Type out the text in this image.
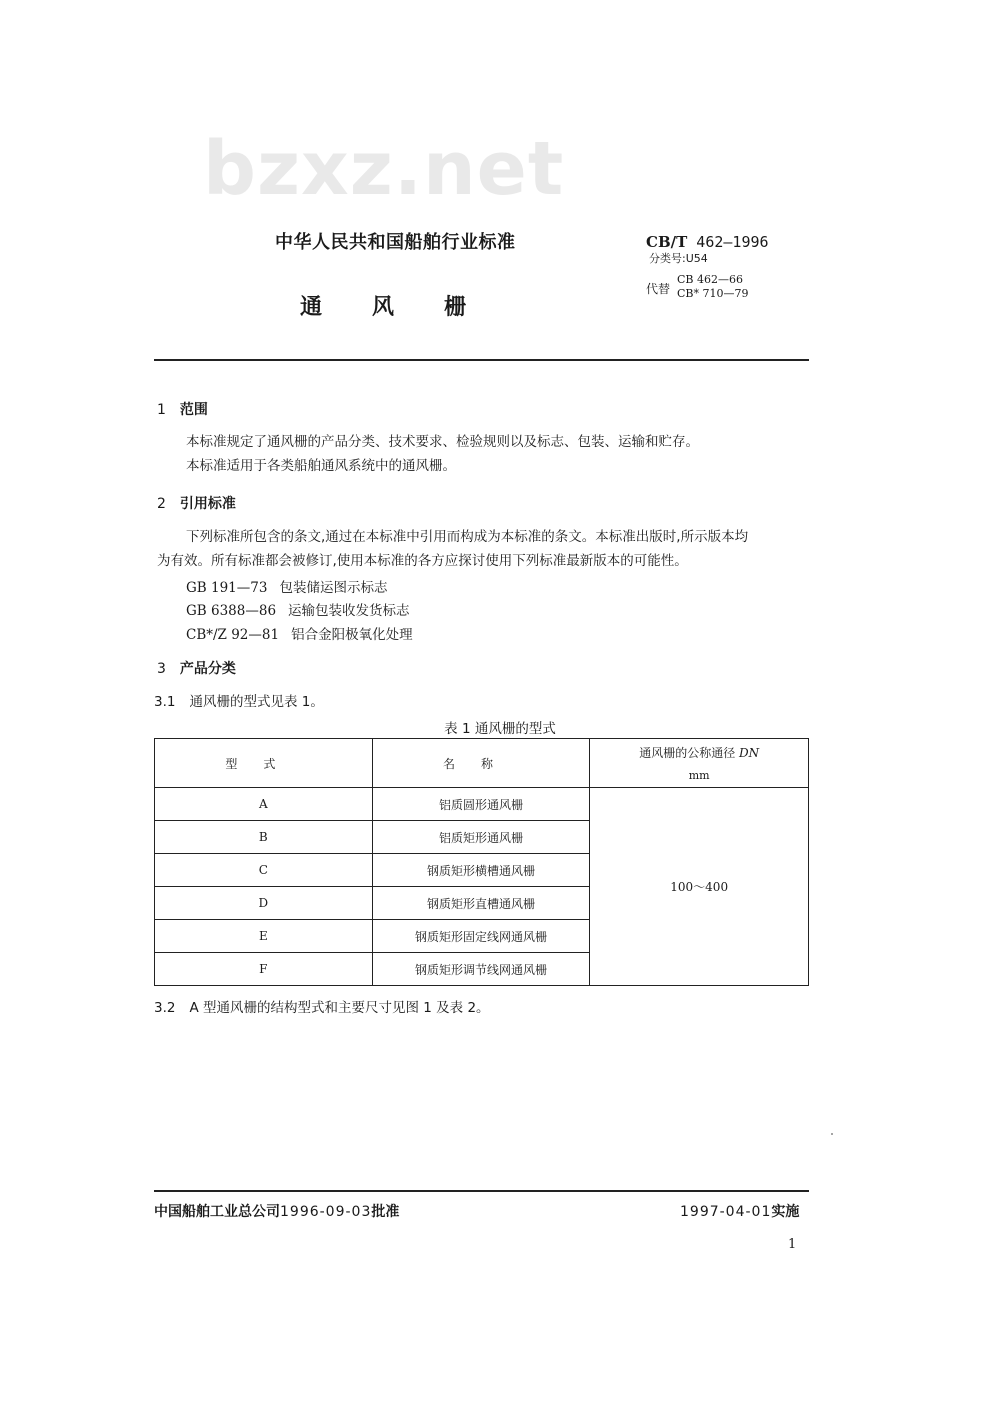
bzxz.net
中华人民共和国船舶行业标准
通 风 栅
CB/T 462—1996
分类号:U54
代替
CB 462—66
CB* 710—79
1 范围
本标准规定了通风栅的产品分类、技术要求、检验规则以及标志、包装、运输和贮存。
本标准适用于各类船舶通风系统中的通风栅。
2 引用标准
下列标准所包含的条文,通过在本标准中引用而构成为本标准的条文。本标准出版时,所示版本均
为有效。所有标准都会被修订,使用本标准的各方应探讨使用下列标准最新版本的可能性。
GB 191—73 包装储运图示标志
GB 6388—86 运输包装收发货标志
CB*/Z 92—81 铝合金阳极氧化处理
3 产品分类
3.1 通风栅的型式见表 1。
表 1 通风栅的型式
型式	名称	通风栅的公称通径 DN
mm

A	铝质圆形通风栅	100～400
B	铝质矩形通风栅	
C	钢质矩形横槽通风栅	
D	钢质矩形直槽通风栅	
E	钢质矩形固定线网通风栅	
F	钢质矩形调节线网通风栅	
3.2 A 型通风栅的结构型式和主要尺寸见图 1 及表 2。
中国船舶工业总公司1996-09-03批准	1997-04-01实施
1
